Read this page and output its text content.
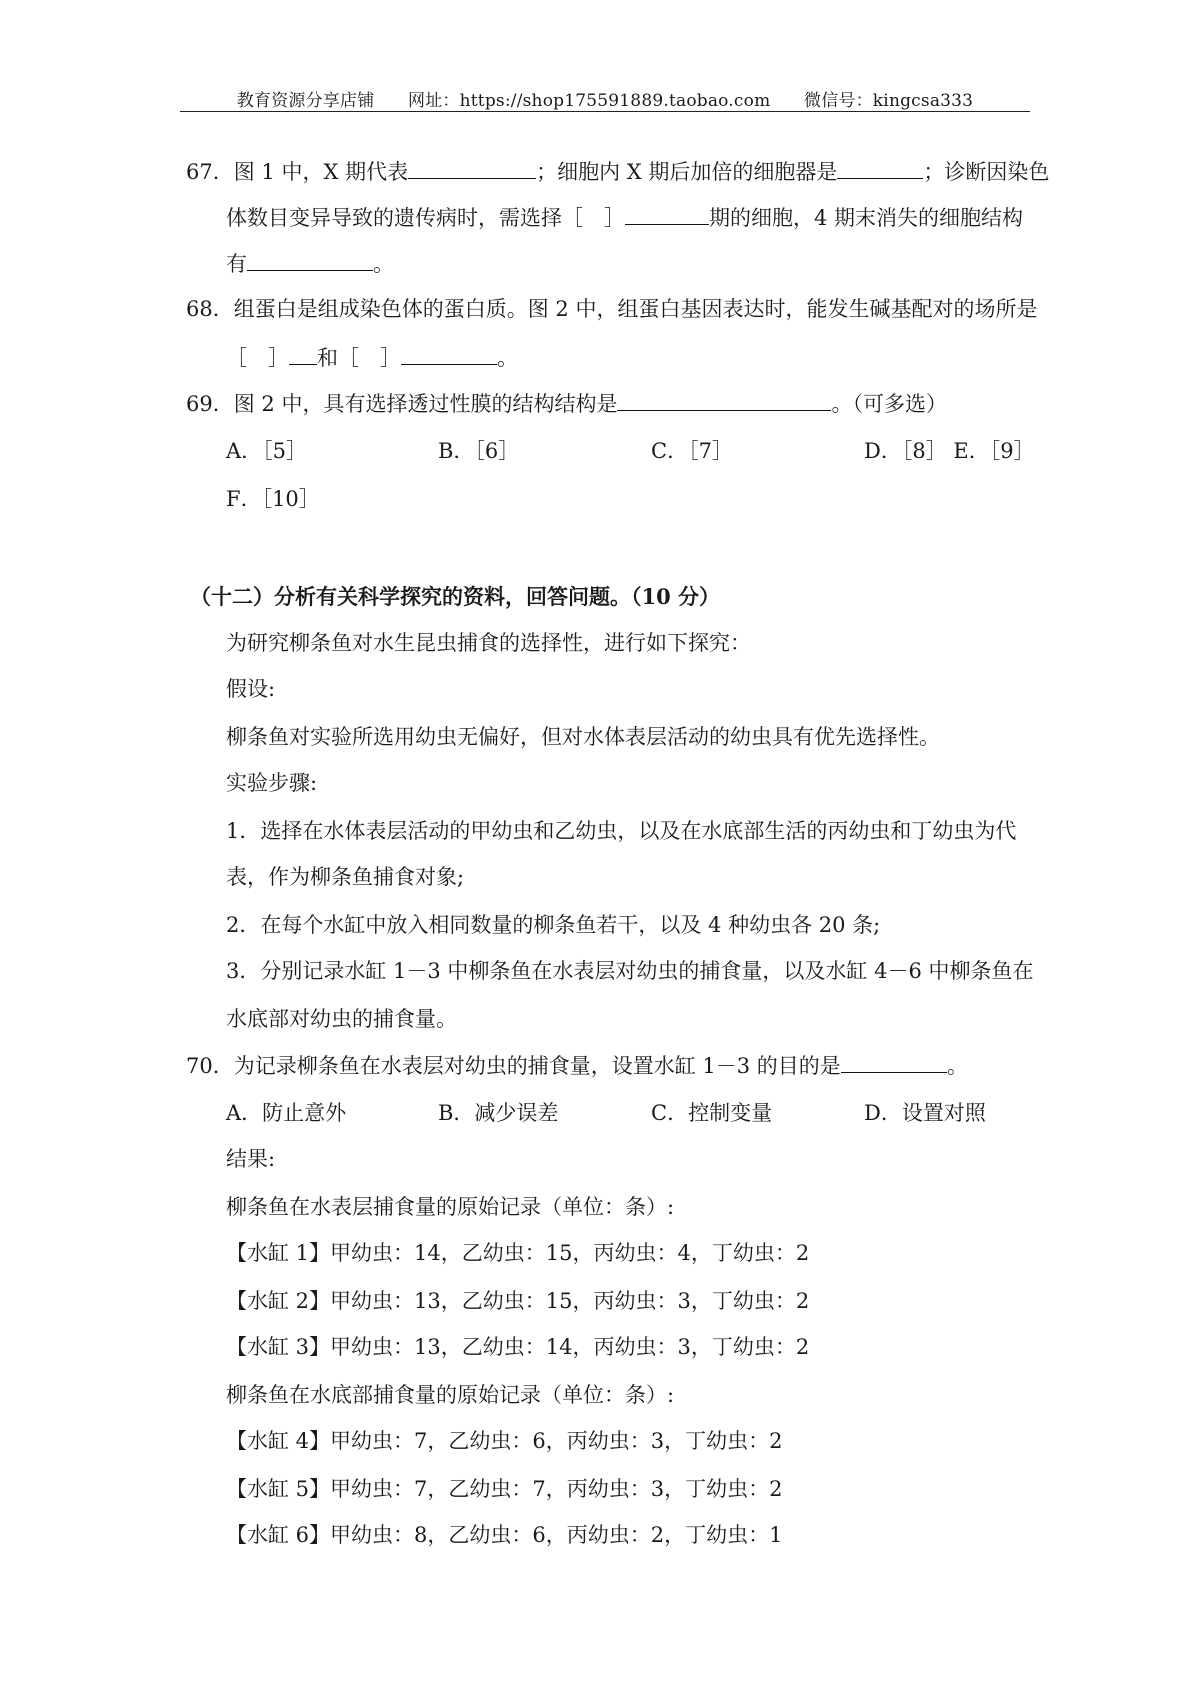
教育资源分享店铺 网址：https://shop175591889.taobao.com 微信号：kingcsa333
67．图 1 中，X 期代表	；细胞内 X 期后加倍的细胞器是	；诊断因染色
体数目变异导致的遗传病时，需选择［　］	期的细胞，4 期末消失的细胞结构
有	。
68．组蛋白是组成染色体的蛋白质。图 2 中，组蛋白基因表达时，能发生碱基配对的场所是
［　］ 和［　］	。
69．图 2 中，具有选择透过性膜的结构结构是	。（可多选）
A．［5］	B．［6］	C．［7］	D．［8］ E．［9］
F．［10］
（十二）分析有关科学探究的资料，回答问题。（10 分）
为研究柳条鱼对水生昆虫捕食的选择性，进行如下探究：
假设:
柳条鱼对实验所选用幼虫无偏好，但对水体表层活动的幼虫具有优先选择性。
实验步骤:
1．选择在水体表层活动的甲幼虫和乙幼虫，以及在水底部生活的丙幼虫和丁幼虫为代
表，作为柳条鱼捕食对象;
2．在每个水缸中放入相同数量的柳条鱼若干，以及 4 种幼虫各 20 条;
3．分别记录水缸 1－3 中柳条鱼在水表层对幼虫的捕食量，以及水缸 4－6 中柳条鱼在
水底部对幼虫的捕食量。
70．为记录柳条鱼在水表层对幼虫的捕食量，设置水缸 1－3 的目的是	。
A．防止意外	B．减少误差	C．控制变量	D．设置对照
结果:
柳条鱼在水表层捕食量的原始记录（单位：条）:
【水缸 1】甲幼虫：14，乙幼虫：15，丙幼虫：4，丁幼虫：2
【水缸 2】甲幼虫：13，乙幼虫：15，丙幼虫：3，丁幼虫：2
【水缸 3】甲幼虫：13，乙幼虫：14，丙幼虫：3，丁幼虫：2
柳条鱼在水底部捕食量的原始记录（单位：条）:
【水缸 4】甲幼虫：7，乙幼虫：6，丙幼虫：3，丁幼虫：2
【水缸 5】甲幼虫：7，乙幼虫：7，丙幼虫：3，丁幼虫：2
【水缸 6】甲幼虫：8，乙幼虫：6，丙幼虫：2，丁幼虫：1
